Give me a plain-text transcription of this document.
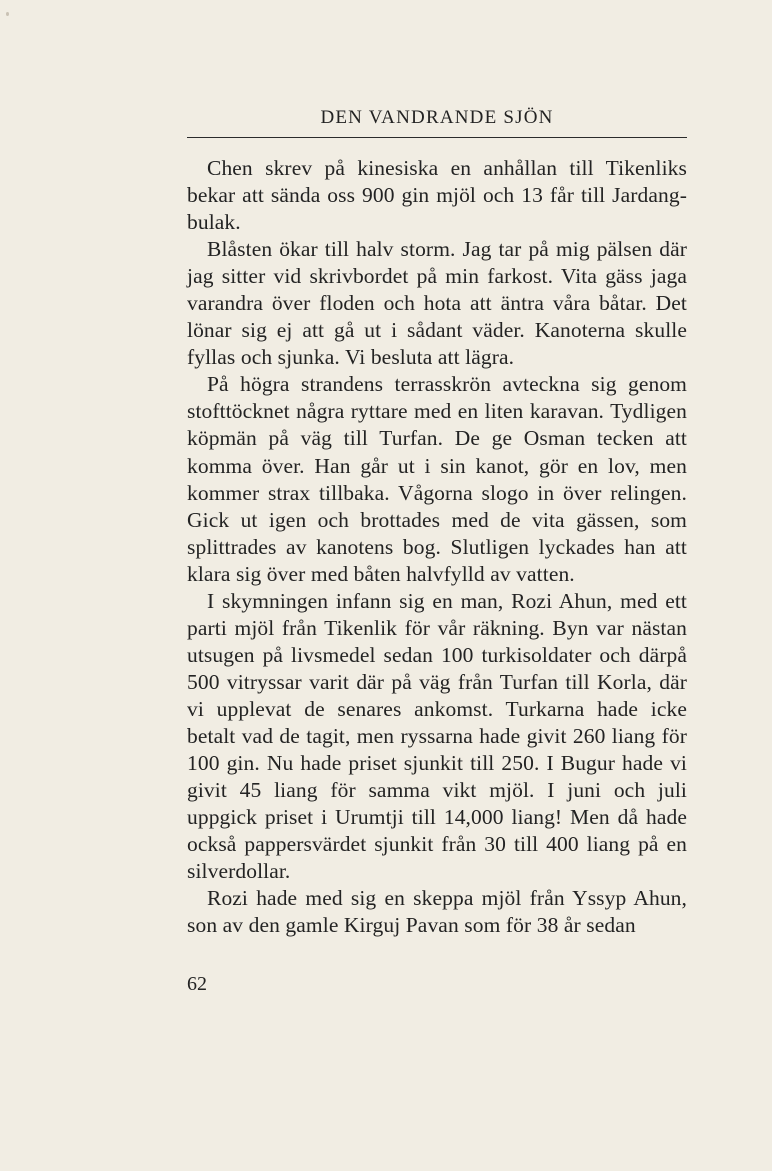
DEN VANDRANDE SJÖN

Chen skrev på kinesiska en anhållan till Tikenliks bekar att sända oss 900 gin mjöl och 13 får till Jardang-bulak.

Blåsten ökar till halv storm. Jag tar på mig pälsen där jag sitter vid skrivbordet på min farkost. Vita gäss jaga varandra över floden och hota att äntra våra båtar. Det lönar sig ej att gå ut i sådant väder. Kanoterna skulle fyllas och sjunka. Vi besluta att lägra.

På högra strandens terrasskrön avteckna sig genom stofttöcknet några ryttare med en liten karavan. Tydligen köpmän på väg till Turfan. De ge Osman tecken att komma över. Han går ut i sin kanot, gör en lov, men kommer strax tillbaka. Vågorna slogo in över relingen. Gick ut igen och brottades med de vita gässen, som splittrades av kanotens bog. Slutligen lyckades han att klara sig över med båten halvfylld av vatten.

I skymningen infann sig en man, Rozi Ahun, med ett parti mjöl från Tikenlik för vår räkning. Byn var nästan utsugen på livsmedel sedan 100 turkisoldater och därpå 500 vitryssar varit där på väg från Turfan till Korla, där vi upplevat de senares ankomst. Turkarna hade icke betalt vad de tagit, men ryssarna hade givit 260 liang för 100 gin. Nu hade priset sjunkit till 250. I Bugur hade vi givit 45 liang för samma vikt mjöl. I juni och juli uppgick priset i Urumtji till 14,000 liang! Men då hade också pappersvärdet sjunkit från 30 till 400 liang på en silverdollar.

Rozi hade med sig en skeppa mjöl från Yssyp Ahun, son av den gamle Kirguj Pavan som för 38 år sedan

62
